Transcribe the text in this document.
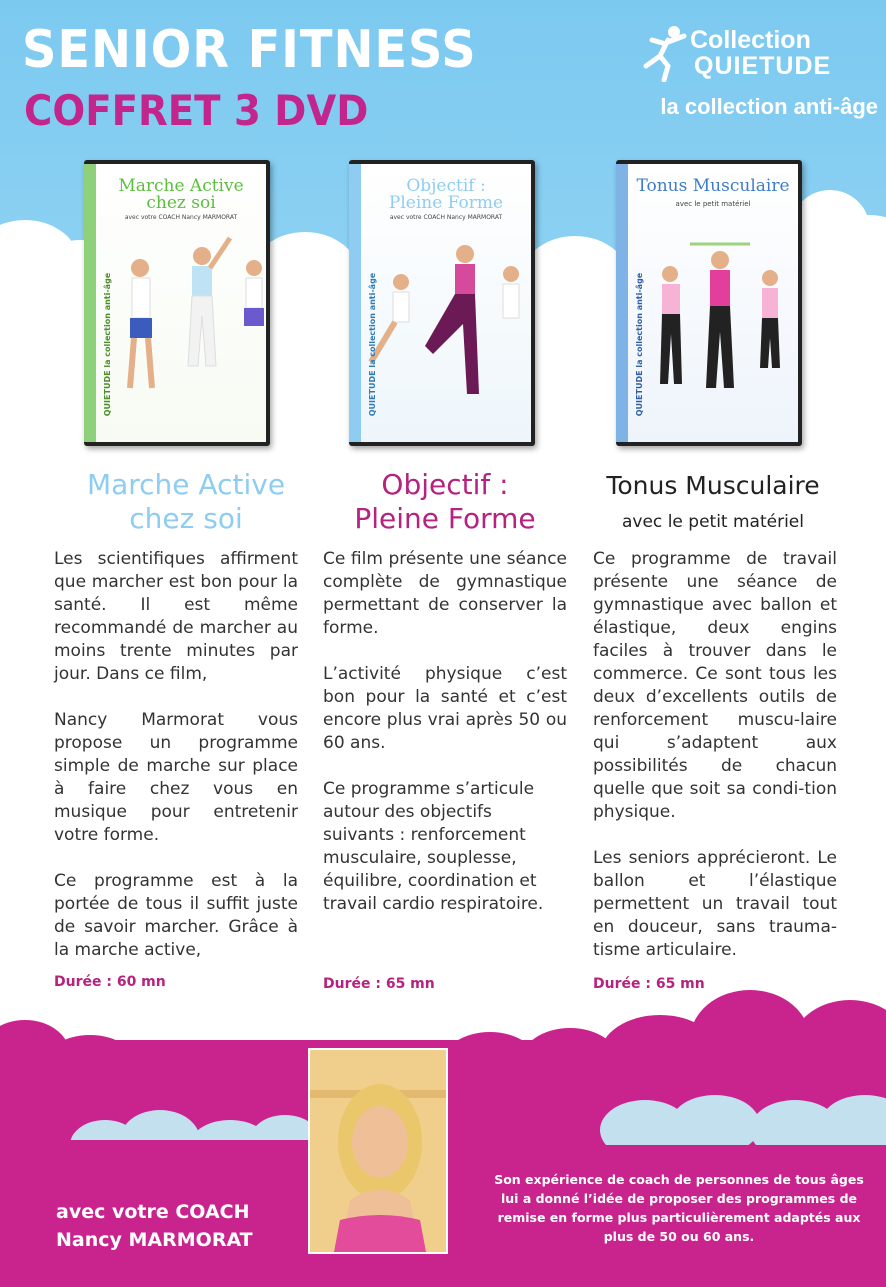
SENIOR FITNESS
COFFRET 3 DVD
Collection
QUIETUDE
la collection anti-âge
Marche Active
chez soi
avec votre COACH Nancy MARMORAT
QUIETUDE la collection anti-âge
Objectif :
Pleine Forme
avec votre COACH Nancy MARMORAT
QUIETUDE la collection anti-âge
Tonus Musculaire
avec le petit matériel
QUIETUDE la collection anti-âge
Marche Active
chez soi

Les scientifiques affirment que marcher est bon pour la santé. Il est même recommandé de marcher au moins trente minutes par jour. Dans ce film,

Nancy Marmorat vous propose un programme simple de marche sur place à faire chez vous en musique pour entretenir votre forme.

Ce programme est à la portée de tous il suffit juste de savoir marcher. Grâce à la marche active,

Durée : 60 mn
Objectif :
Pleine Forme

Ce film présente une séance complète de gymnastique permettant de conserver la forme.

L’activité physique c’est bon pour la santé et c’est encore plus vrai après 50 ou 60 ans.

Ce programme s’articule autour des objectifs suivants : renforcement musculaire, souplesse, équilibre, coordination et travail cardio respiratoire.

Durée : 65 mn
Tonus Musculaire
avec le petit matériel

Ce programme de travail présente une séance de gymnastique avec ballon et élastique, deux engins faciles à trouver dans le commerce. Ce sont tous les deux d’excellents outils de renforcement muscu-laire qui s’adaptent aux possibilités de chacun quelle que soit sa condi-tion physique.

Les seniors apprécieront. Le ballon et l’élastique permettent un travail tout en douceur, sans trauma-tisme articulaire.

Durée : 65 mn
avec votre COACH
Nancy MARMORAT
Son expérience de coach de personnes de tous âges lui a donné l’idée de proposer des programmes de remise en forme plus particulièrement adaptés aux plus de 50 ou 60 ans.
